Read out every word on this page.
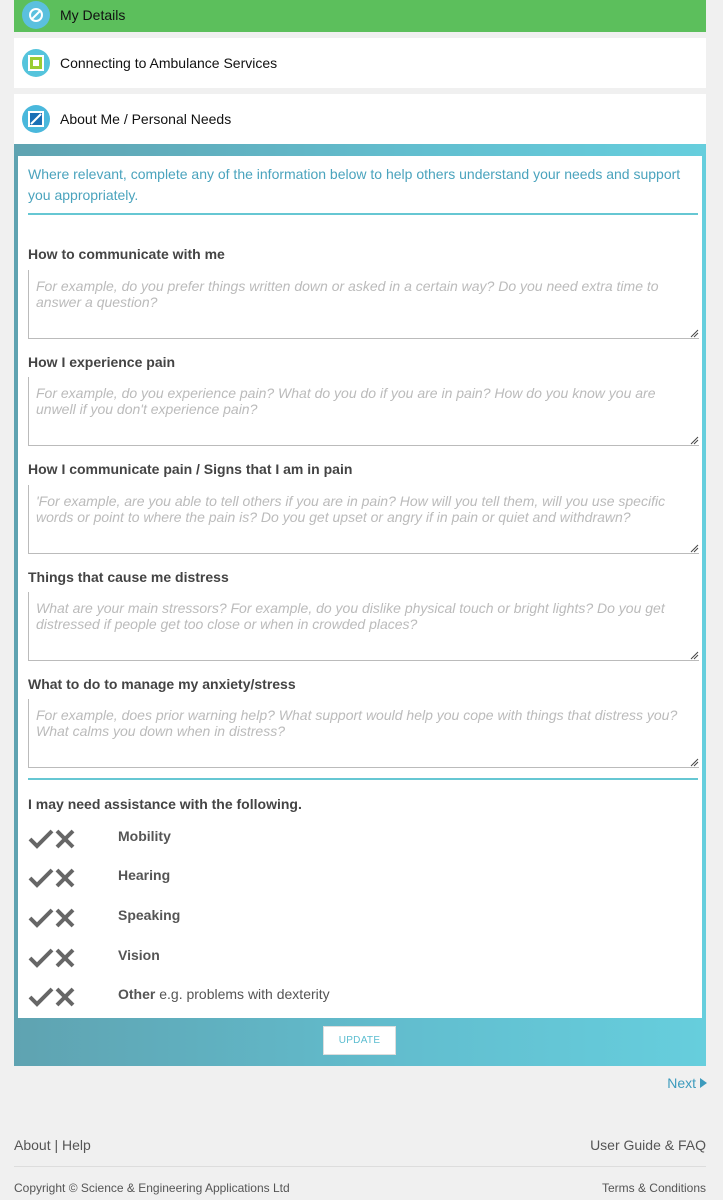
My Details
Connecting to Ambulance Services
About Me / Personal Needs
Where relevant, complete any of the information below to help others understand your needs and support you appropriately.
How to communicate with me
For example, do you prefer things written down or asked in a certain way? Do you need extra time to answer a question?
How I experience pain
For example, do you experience pain? What do you do if you are in pain? How do you know you are unwell if you don't experience pain?
How I communicate pain / Signs that I am in pain
'For example, are you able to tell others if you are in pain? How will you tell them, will you use specific words or point to where the pain is? Do you get upset or angry if in pain or quiet and withdrawn?
Things that cause me distress
What are your main stressors? For example, do you dislike physical touch or bright lights? Do you get distressed if people get too close or when in crowded places?
What to do to manage my anxiety/stress
For example, does prior warning help? What support would help you cope with things that distress you? What calms you down when in distress?
I may need assistance with the following.
Mobility
Hearing
Speaking
Vision
Other e.g. problems with dexterity
UPDATE
Next
About | Help	User Guide & FAQ
Copyright © Science & Engineering Applications Ltd	Terms & Conditions
